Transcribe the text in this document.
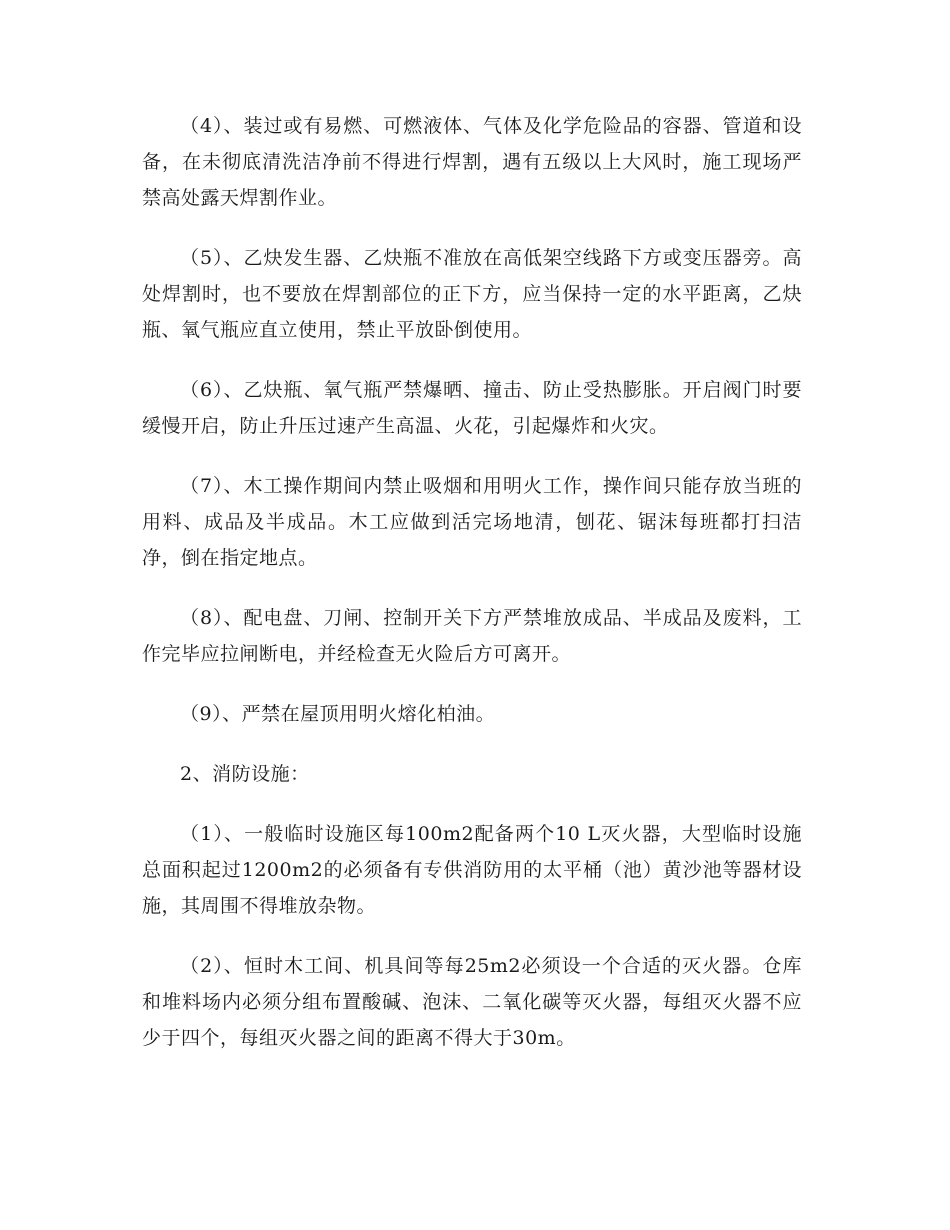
（4）、装过或有易燃、可燃液体、气体及化学危险品的容器、管道和设备，在未彻底清洗洁净前不得进行焊割，遇有五级以上大风时，施工现场严禁高处露天焊割作业。

（5）、乙炔发生器、乙炔瓶不准放在高低架空线路下方或变压器旁。高处焊割时，也不要放在焊割部位的正下方，应当保持一定的水平距离，乙炔瓶、氧气瓶应直立使用，禁止平放卧倒使用。

（6）、乙炔瓶、氧气瓶严禁爆晒、撞击、防止受热膨胀。开启阀门时要缓慢开启，防止升压过速产生高温、火花，引起爆炸和火灾。

（7）、木工操作期间内禁止吸烟和用明火工作，操作间只能存放当班的用料、成品及半成品。木工应做到活完场地清，刨花、锯沫每班都打扫洁净，倒在指定地点。

（8）、配电盘、刀闸、控制开关下方严禁堆放成品、半成品及废料，工作完毕应拉闸断电，并经检查无火险后方可离开。

（9）、严禁在屋顶用明火熔化柏油。

2、消防设施：

（1）、一般临时设施区每100m2配备两个10 L灭火器，大型临时设施总面积起过1200m2的必须备有专供消防用的太平桶（池）黄沙池等器材设施，其周围不得堆放杂物。

（2）、恒时木工间、机具间等每25m2必须设一个合适的灭火器。仓库和堆料场内必须分组布置酸碱、泡沫、二氧化碳等灭火器，每组灭火器不应少于四个，每组灭火器之间的距离不得大于30m。
